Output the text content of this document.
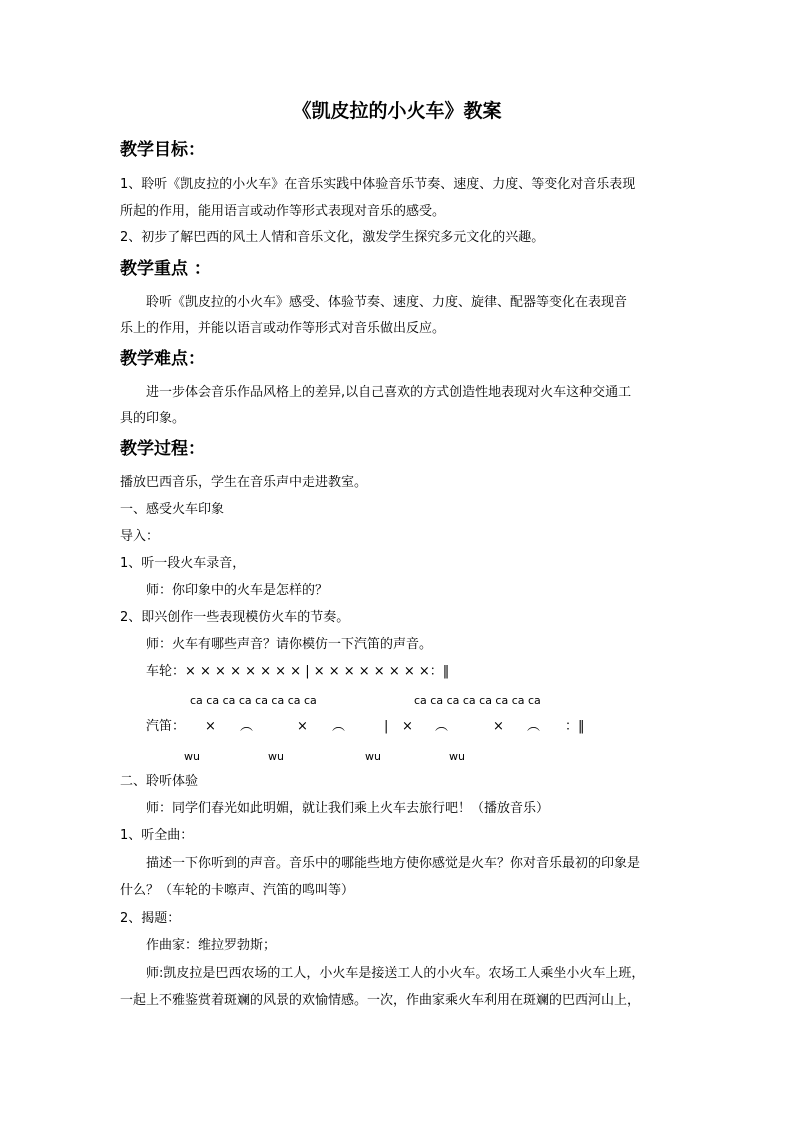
《凯皮拉的小火车》教案
教学目标：
1、聆听《凯皮拉的小火车》在音乐实践中体验音乐节奏、速度、力度、等变化对音乐表现
所起的作用，能用语言或动作等形式表现对音乐的感受。
2、初步了解巴西的风土人情和音乐文化，激发学生探究多元文化的兴趣。
教学重点 ：
聆听《凯皮拉的小火车》感受、体验节奏、速度、力度、旋律、配器等变化在表现音
乐上的作用，并能以语言或动作等形式对音乐做出反应。
教学难点：
进一步体会音乐作品风格上的差异,以自己喜欢的方式创造性地表现对火车这种交通工
具的印象。
教学过程：
播放巴西音乐，学生在音乐声中走进教室。
一、感受火车印象
导入：
1、听一段火车录音，
师：你印象中的火车是怎样的？
2、即兴创作一些表现模仿火车的节奏。
师：火车有哪些声音？请你模仿一下汽笛的声音。
车轮：× × × × × × × × | × × × × × × × ×：‖
ca ca ca ca ca ca ca ca	ca ca ca ca ca ca ca ca
汽笛： × ︵	× ︵	| × ︵	× ︵ ：‖
wu	wu	wu	wu
二、聆听体验
师：同学们春光如此明媚，就让我们乘上火车去旅行吧！（播放音乐）
1、听全曲：
描述一下你听到的声音。音乐中的哪能些地方使你感觉是火车？你对音乐最初的印象是
什么？（车轮的卡嚓声、汽笛的鸣叫等）
2、揭题：
作曲家：维拉罗勃斯；
师:凯皮拉是巴西农场的工人，小火车是接送工人的小火车。农场工人乘坐小火车上班，
一起上不雅鉴赏着斑斓的风景的欢愉情感。一次，作曲家乘火车利用在斑斓的巴西河山上，
